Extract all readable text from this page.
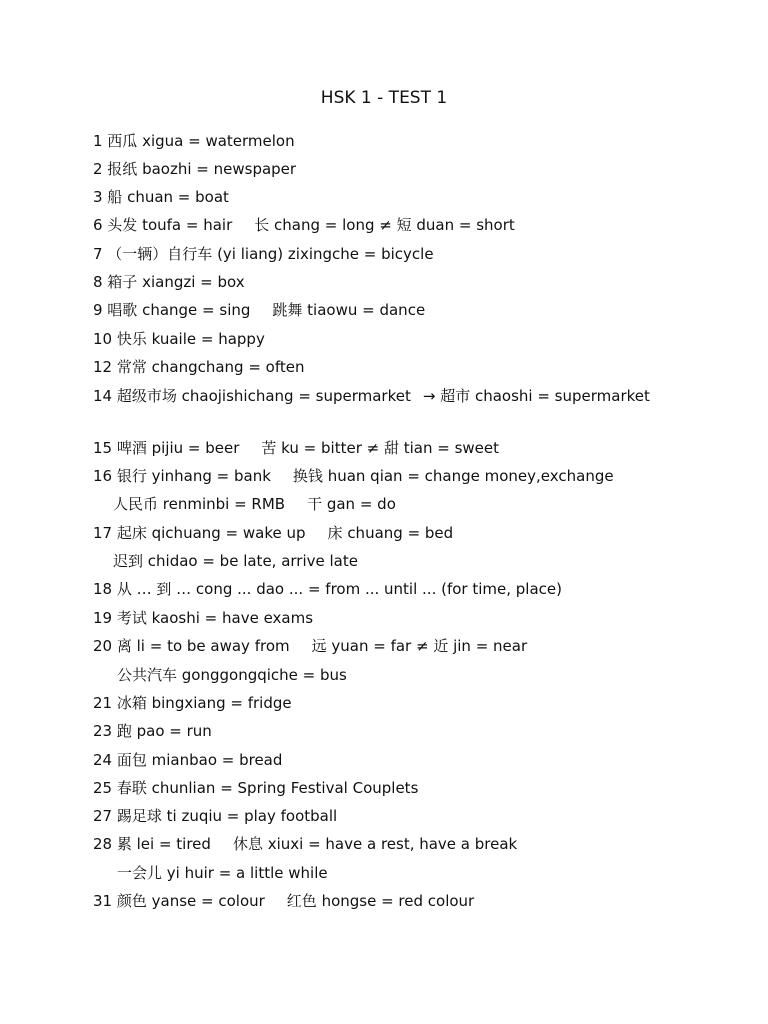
HSK 1 - TEST 1
1 西瓜 xigua = watermelon
2 报纸 baozhi = newspaper
3 船 chuan = boat
6 头发 toufa = hair 长 chang = long ≠ 短 duan = short
7 （一辆）自行车 (yi liang) zixingche = bicycle
8 箱子 xiangzi = box
9 唱歌 change = sing 跳舞 tiaowu = dance
10 快乐 kuaile = happy
12 常常 changchang = often
14 超级市场 chaojishichang = supermarket → 超市 chaoshi = supermarket
15 啤酒 pijiu = beer 苦 ku = bitter ≠ 甜 tian = sweet
16 银行 yinhang = bank 换钱 huan qian = change money,exchange
人民币 renminbi = RMB 干 gan = do
17 起床 qichuang = wake up 床 chuang = bed
迟到 chidao = be late, arrive late
18 从 … 到 … cong ... dao ... = from ... until ... (for time, place)
19 考试 kaoshi = have exams
20 离 li = to be away from 远 yuan = far ≠ 近 jin = near
公共汽车 gonggongqiche = bus
21 冰箱 bingxiang = fridge
23 跑 pao = run
24 面包 mianbao = bread
25 春联 chunlian = Spring Festival Couplets
27 踢足球 ti zuqiu = play football
28 累 lei = tired 休息 xiuxi = have a rest, have a break
一会儿 yi huir = a little while
31 颜色 yanse = colour 红色 hongse = red colour
